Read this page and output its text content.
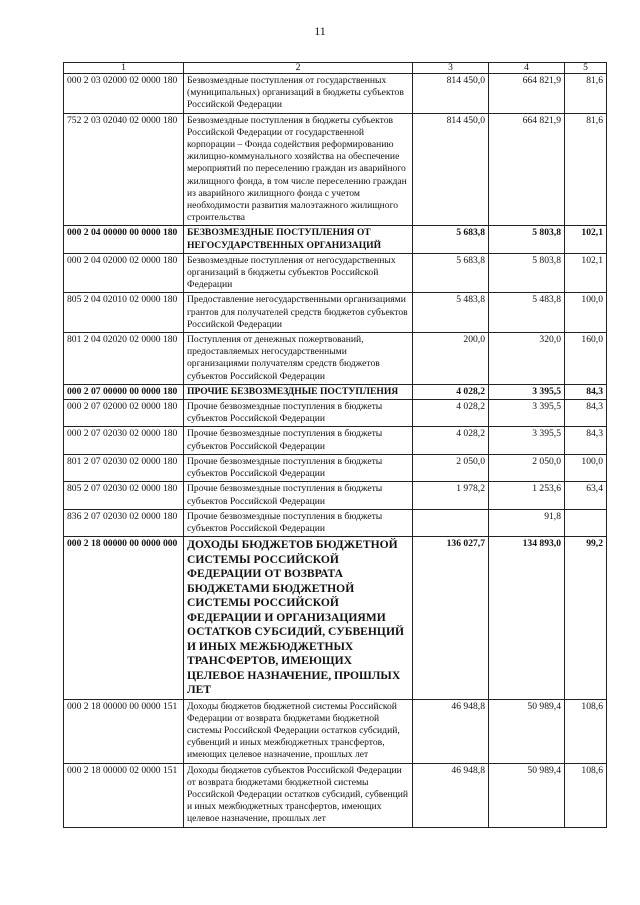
11
1	2	3	4	5
000 2 03 02000 02 0000 180	Безвозмездные поступления от государственных (муниципальных) организаций в бюджеты субъектов Российской Федерации	814 450,0	664 821,9	81,6
752 2 03 02040 02 0000 180	Безвозмездные поступления в бюджеты субъектов Российской Федерации от государственной корпорации – Фонда содействия реформированию жилищно-коммунального хозяйства на обеспечение мероприятий по переселению граждан из аварийного жилищного фонда, в том числе переселению граждан из аварийного жилищного фонда с учетом необходимости развития малоэтажного жилищного строительства	814 450,0	664 821,9	81,6
000 2 04 00000 00 0000 180	БЕЗВОЗМЕЗДНЫЕ ПОСТУПЛЕНИЯ ОТ НЕГОСУДАРСТВЕННЫХ ОРГАНИЗАЦИЙ	5 683,8	5 803,8	102,1
000 2 04 02000 02 0000 180	Безвозмездные поступления от негосударственных организаций в бюджеты субъектов Российской Федерации	5 683,8	5 803,8	102,1
805 2 04 02010 02 0000 180	Предоставление негосударственными организациями грантов для получателей средств бюджетов субъектов Российской Федерации	5 483,8	5 483,8	100,0
801 2 04 02020 02 0000 180	Поступления от денежных пожертвований, предоставляемых негосударственными организациями получателям средств бюджетов субъектов Российской Федерации	200,0	320,0	160,0
000 2 07 00000 00 0000 180	ПРОЧИЕ БЕЗВОЗМЕЗДНЫЕ ПОСТУПЛЕНИЯ	4 028,2	3 395,5	84,3
000 2 07 02000 02 0000 180	Прочие безвозмездные поступления в бюджеты субъектов Российской Федерации	4 028,2	3 395,5	84,3
000 2 07 02030 02 0000 180	Прочие безвозмездные поступления в бюджеты субъектов Российской Федерации	4 028,2	3 395,5	84,3
801 2 07 02030 02 0000 180	Прочие безвозмездные поступления в бюджеты субъектов Российской Федерации	2 050,0	2 050,0	100,0
805 2 07 02030 02 0000 180	Прочие безвозмездные поступления в бюджеты субъектов Российской Федерации	1 978,2	1 253,6	63,4
836 2 07 02030 02 0000 180	Прочие безвозмездные поступления в бюджеты субъектов Российской Федерации		91,8	
000 2 18 00000 00 0000 000	ДОХОДЫ БЮДЖЕТОВ БЮДЖЕТНОЙ СИСТЕМЫ РОССИЙСКОЙ ФЕДЕРАЦИИ ОТ ВОЗВРАТА БЮДЖЕТАМИ БЮДЖЕТНОЙ СИСТЕМЫ РОССИЙСКОЙ ФЕДЕРАЦИИ И ОРГАНИЗАЦИЯМИ ОСТАТКОВ СУБСИДИЙ, СУБВЕНЦИЙ И ИНЫХ МЕЖБЮДЖЕТНЫХ ТРАНСФЕРТОВ, ИМЕЮЩИХ ЦЕЛЕВОЕ НАЗНАЧЕНИЕ, ПРОШЛЫХ ЛЕТ	136 027,7	134 893,0	99,2
000 2 18 00000 00 0000 151	Доходы бюджетов бюджетной системы Российской Федерации от возврата бюджетами бюджетной системы Российской Федерации остатков субсидий, субвенций и иных межбюджетных трансфертов, имеющих целевое назначение, прошлых лет	46 948,8	50 989,4	108,6
000 2 18 00000 02 0000 151	Доходы бюджетов субъектов Российской Федерации от возврата бюджетами бюджетной системы Российской Федерации остатков субсидий, субвенций и иных межбюджетных трансфертов, имеющих целевое назначение, прошлых лет	46 948,8	50 989,4	108,6
